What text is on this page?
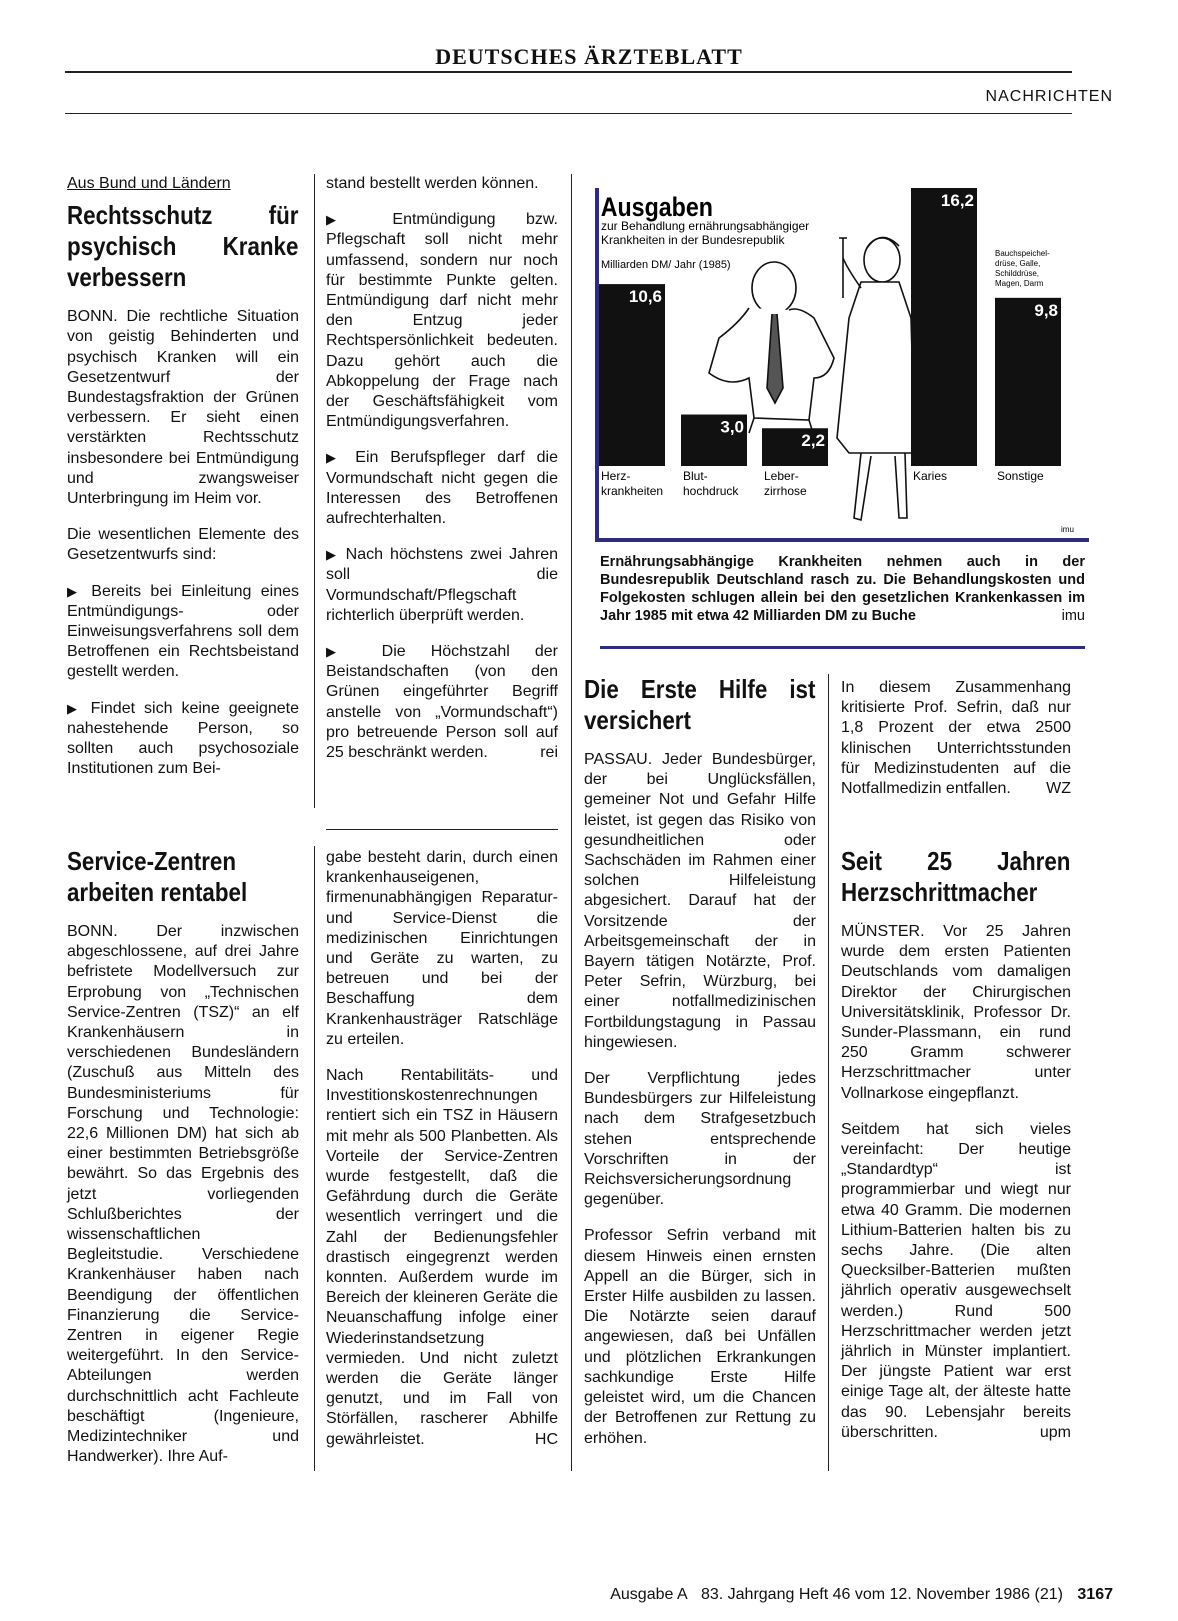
DEUTSCHES ÄRZTEBLATT
NACHRICHTEN
Aus Bund und Ländern
Rechtsschutz für psychisch Kranke verbessern

BONN. Die rechtliche Situation von geistig Behinderten und psychisch Kranken will ein Gesetzentwurf der Bundestagsfraktion der Grünen verbessern. Er sieht einen verstärkten Rechtsschutz insbesondere bei Entmündigung und zwangsweiser Unterbringung im Heim vor.

Die wesentlichen Elemente des Gesetzentwurfs sind:

▶ Bereits bei Einleitung eines Entmündigungs- oder Einweisungsverfahrens soll dem Betroffenen ein Rechtsbeistand gestellt werden.

▶ Findet sich keine geeignete nahestehende Person, so sollten auch psychosoziale Institutionen zum Bei-

stand bestellt werden können.

▶ Entmündigung bzw. Pflegschaft soll nicht mehr umfassend, sondern nur noch für bestimmte Punkte gelten. Entmündigung darf nicht mehr den Entzug jeder Rechtspersönlichkeit bedeuten. Dazu gehört auch die Abkoppelung der Frage nach der Geschäftsfähigkeit vom Entmündigungsverfahren.

▶ Ein Berufspfleger darf die Vormundschaft nicht gegen die Interessen des Betroffenen aufrechterhalten.

▶ Nach höchstens zwei Jahren soll die Vormundschaft/Pflegschaft richterlich überprüft werden.

▶ Die Höchstzahl der Beistandschaften (von den Grünen eingeführter Begriff anstelle von „Vormundschaft“) pro betreuende Person soll auf 25 beschränkt werden.	rei

Service-Zentren arbeiten rentabel

BONN. Der inzwischen abgeschlossene, auf drei Jahre befristete Modellversuch zur Erprobung von „Technischen Service-Zentren (TSZ)“ an elf Krankenhäusern in verschiedenen Bundesländern (Zuschuß aus Mitteln des Bundesministeriums für Forschung und Technologie: 22,6 Millionen DM) hat sich ab einer bestimmten Betriebsgröße bewährt. So das Ergebnis des jetzt vorliegenden Schlußberichtes der wissenschaftlichen Begleitstudie. Verschiedene Krankenhäuser haben nach Beendigung der öffentlichen Finanzierung die Service-Zentren in eigener Regie weitergeführt. In den Service-Abteilungen werden durchschnittlich acht Fachleute beschäftigt (Ingenieure, Medizintechniker und Handwerker). Ihre Auf-

gabe besteht darin, durch einen krankenhauseigenen, firmenunabhängigen Reparatur- und Service-Dienst die medizinischen Einrichtungen und Geräte zu warten, zu betreuen und bei der Beschaffung dem Krankenhausträger Ratschläge zu erteilen.

Nach Rentabilitäts- und Investitionskostenrechnungen rentiert sich ein TSZ in Häusern mit mehr als 500 Planbetten. Als Vorteile der Service-Zentren wurde festgestellt, daß die Gefährdung durch die Geräte wesentlich verringert und die Zahl der Bedienungsfehler drastisch eingegrenzt werden konnten. Außerdem wurde im Bereich der kleineren Geräte die Neuanschaffung infolge einer Wiederinstandsetzung vermieden. Und nicht zuletzt werden die Geräte länger genutzt, und im Fall von Störfällen, rascherer Abhilfe gewährleistet.	HC

Ausgaben
zur Behandlung ernährungsabhängiger
Krankheiten in der Bundesrepublik
Milliarden DM/ Jahr (1985)
10,6
3,0
2,2
16,2
9,8
Herz-
krankheiten
Blut-
hochdruck
Leber-
zirrhose
Karies	Sonstige
Bauchspeichel-
drüse, Galle,
Schilddrüse,
Magen, Darm
imu
Ernährungsabhängige Krankheiten nehmen auch in der Bundesrepublik Deutschland rasch zu. Die Behandlungskosten und Folgekosten schlugen allein bei den gesetzlichen Krankenkassen im Jahr 1985 mit etwa 42 Milliarden DM zu Buche	imu
Die Erste Hilfe ist versichert

PASSAU. Jeder Bundesbürger, der bei Unglücksfällen, gemeiner Not und Gefahr Hilfe leistet, ist gegen das Risiko von gesundheitlichen oder Sachschäden im Rahmen einer solchen Hilfeleistung abgesichert. Darauf hat der Vorsitzende der Arbeitsgemeinschaft der in Bayern tätigen Notärzte, Prof. Peter Sefrin, Würzburg, bei einer notfallmedizinischen Fortbildungstagung in Passau hingewiesen.

Der Verpflichtung jedes Bundesbürgers zur Hilfeleistung nach dem Strafgesetzbuch stehen entsprechende Vorschriften in der Reichsversicherungsordnung gegenüber.

Professor Sefrin verband mit diesem Hinweis einen ernsten Appell an die Bürger, sich in Erster Hilfe ausbilden zu lassen. Die Notärzte seien darauf angewiesen, daß bei Unfällen und plötzlichen Erkrankungen sachkundige Erste Hilfe geleistet wird, um die Chancen der Betroffenen zur Rettung zu erhöhen.

In diesem Zusammenhang kritisierte Prof. Sefrin, daß nur 1,8 Prozent der etwa 2500 klinischen Unterrichtsstunden für Medizinstudenten auf die Notfallmedizin entfallen. WZ

Seit 25 Jahren Herzschrittmacher

MÜNSTER. Vor 25 Jahren wurde dem ersten Patienten Deutschlands vom damaligen Direktor der Chirurgischen Universitätsklinik, Professor Dr. Sunder-Plassmann, ein rund 250 Gramm schwerer Herzschrittmacher unter Vollnarkose eingepflanzt.

Seitdem hat sich vieles vereinfacht: Der heutige „Standardtyp“ ist programmierbar und wiegt nur etwa 40 Gramm. Die modernen Lithium-Batterien halten bis zu sechs Jahre. (Die alten Quecksilber-Batterien mußten jährlich operativ ausgewechselt werden.) Rund 500 Herzschrittmacher werden jetzt jährlich in Münster implantiert. Der jüngste Patient war erst einige Tage alt, der älteste hatte das 90. Lebensjahr bereits überschritten.	upm

Ausgabe A 83. Jahrgang Heft 46 vom 12. November 1986 (21) 3167
